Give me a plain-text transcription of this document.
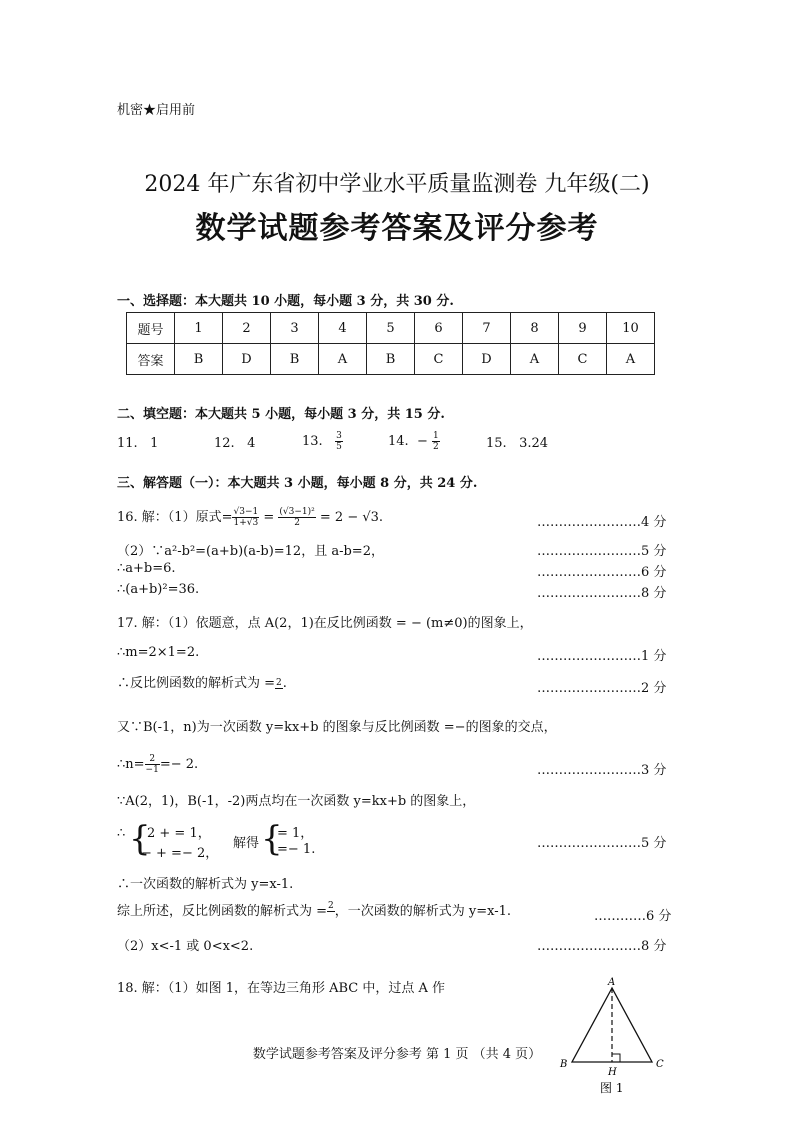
机密★启用前
2024 年广东省初中学业水平质量监测卷 九年级(二)
数学试题参考答案及评分参考
一、选择题：本大题共 10 小题，每小题 3 分，共 30 分.
题号	1	2	3	4	5	6	7	8	9	10
答案	B	D	B	A	B	C	D	A	C	A
二、填空题：本大题共 5 小题，每小题 3 分，共 15 分.
11. 1	12. 4	13. $\frac{3}{5}$	14. − $\frac{1}{2}$	15. 3.24
三、解答题（一）：本大题共 3 小题，每小题 8 分，共 24 分.
16. 解：（1）原式= $\frac{√3-1}{1+√3} = \frac{\text{(√3−1)²}}{2} = 2 - √3$.	……………………4 分
（2）∵a²-b²=(a+b)(a-b)=12，且 a-b=2，	……………………5 分
∴a+b=6.	……………………6 分
∴(a+b)²=36.	……………………8 分
17. 解：（1）依题意，点 A(2，1)在反比例函数 = − (m≠0)的图象上，
∴m=2×1=2.	……………………1 分
∴反比例函数的解析式为 = 2 .	……………………2 分
又∵B(-1，n)为一次函数 y=kx+b 的图象与反比例函数 =−的图象的交点，
∴n= $\frac{2}{-1} =- 2$.	……………………3 分
∵A(2，1)，B(-1，-2)两点均在一次函数 y=kx+b 的图象上，
∴ {
2 + = 1，
− + =− 2，
解得 {
= 1，
=− 1.	……………………5 分
∴一次函数的解析式为 y=x-1.
综上所述，反比例函数的解析式为 = 2
，一次函数的解析式为 y=x-1.	…………6 分
（2）x<-1 或 0<x<2.	……………………8 分
18. 解：（1）如图 1，在等边三角形 ABC 中，过点 A 作	A
B	C
H
图 1
数学试题参考答案及评分参考 第 1 页 （共 4 页）
